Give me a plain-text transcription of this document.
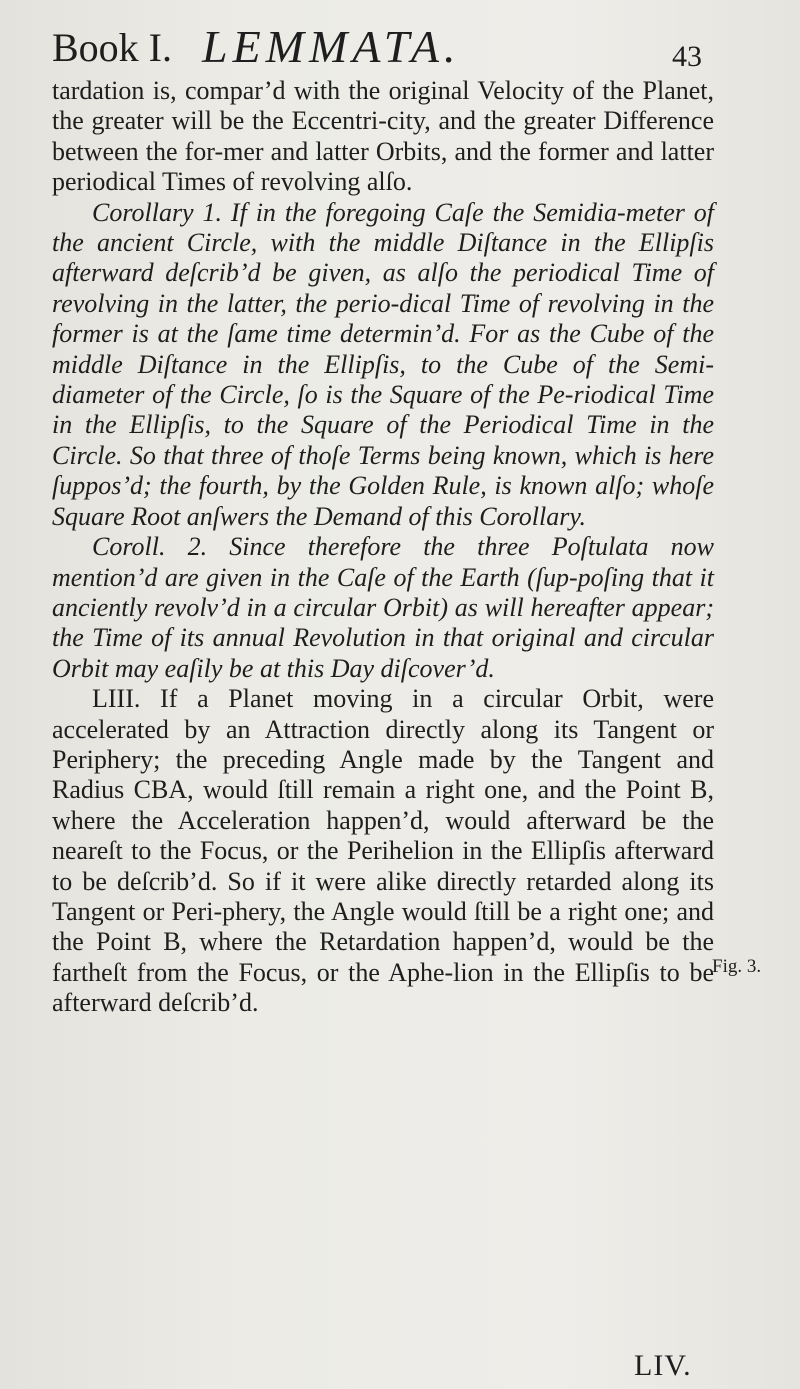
Book I. LEMMATA.	43

tardation is, compar’d with the original Velocity of the Planet, the greater will be the Eccentri-city, and the greater Difference between the for-mer and latter Orbits, and the former and latter periodical Times of revolving alſo.

Corollary 1. If in the foregoing Caſe the Semidia-meter of the ancient Circle, with the middle Diſtance in the Ellipſis afterward deſcrib’d be given, as alſo the periodical Time of revolving in the latter, the perio-dical Time of revolving in the former is at the ſame time determin’d. For as the Cube of the middle Diſtance in the Ellipſis, to the Cube of the Semi-diameter of the Circle, ſo is the Square of the Pe-riodical Time in the Ellipſis, to the Square of the Periodical Time in the Circle. So that three of thoſe Terms being known, which is here ſuppos’d; the fourth, by the Golden Rule, is known alſo; whoſe Square Root anſwers the Demand of this Corollary.

Coroll. 2. Since therefore the three Poſtulata now mention’d are given in the Caſe of the Earth (ſup-poſing that it anciently revolv’d in a circular Orbit) as will hereafter appear; the Time of its annual Revolution in that original and circular Orbit may eaſily be at this Day diſcover’d.

LIII. If a Planet moving in a circular Orbit, were accelerated by an Attraction directly along its Tangent or Periphery; the preceding Angle made by the Tangent and Radius CBA, would ſtill remain a right one, and the Point B, where the Acceleration happen’d, would afterward be the neareſt to the Focus, or the Perihelion in the Ellipſis afterward to be deſcrib’d. So if it were alike directly retarded along its Tangent or Peri-phery, the Angle would ſtill be a right one; and the Point B, where the Retardation happen’d, would be the fartheſt from the Focus, or the Aphe-lion in the Ellipſis to be afterward deſcrib’d.

Fig. 3.
LIV.
